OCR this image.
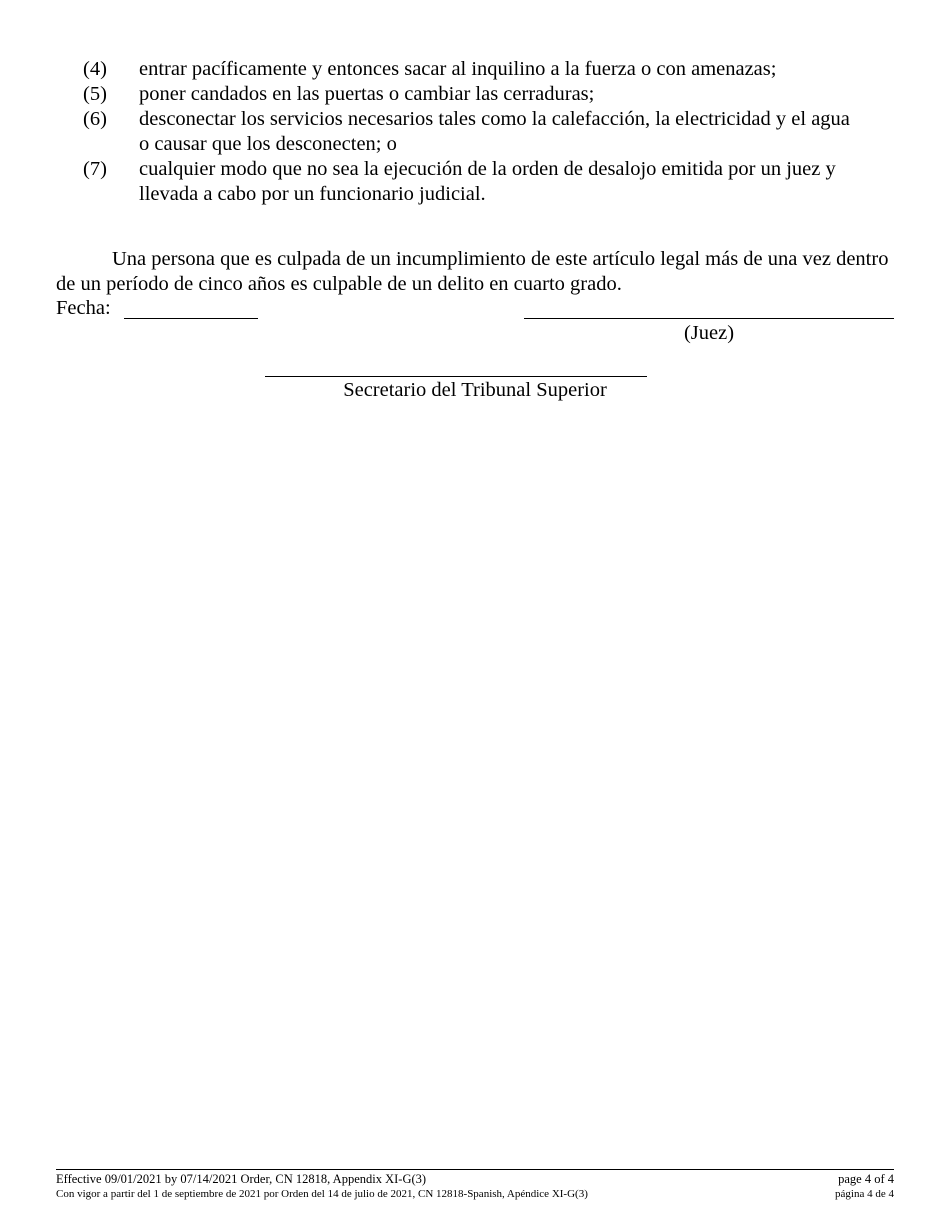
(4) entrar pacíficamente y entonces sacar al inquilino a la fuerza o con amenazas;
(5) poner candados en las puertas o cambiar las cerraduras;
(6) desconectar los servicios necesarios tales como la calefacción, la electricidad y el agua
o causar que los desconecten; o
(7) cualquier modo que no sea la ejecución de la orden de desalojo emitida por un juez y
llevada a cabo por un funcionario judicial.

Una persona que es culpada de un incumplimiento de este artículo legal más de una vez dentro de un período de cinco años es culpable de un delito en cuarto grado.

Fecha:
(Juez)
Secretario del Tribunal Superior
Effective 09/01/2021 by 07/14/2021 Order, CN 12818, Appendix XI-G(3)	page 4 of 4
Con vigor a partir del 1 de septiembre de 2021 por Orden del 14 de julio de 2021, CN 12818-Spanish, Apéndice XI-G(3)	página 4 de 4
